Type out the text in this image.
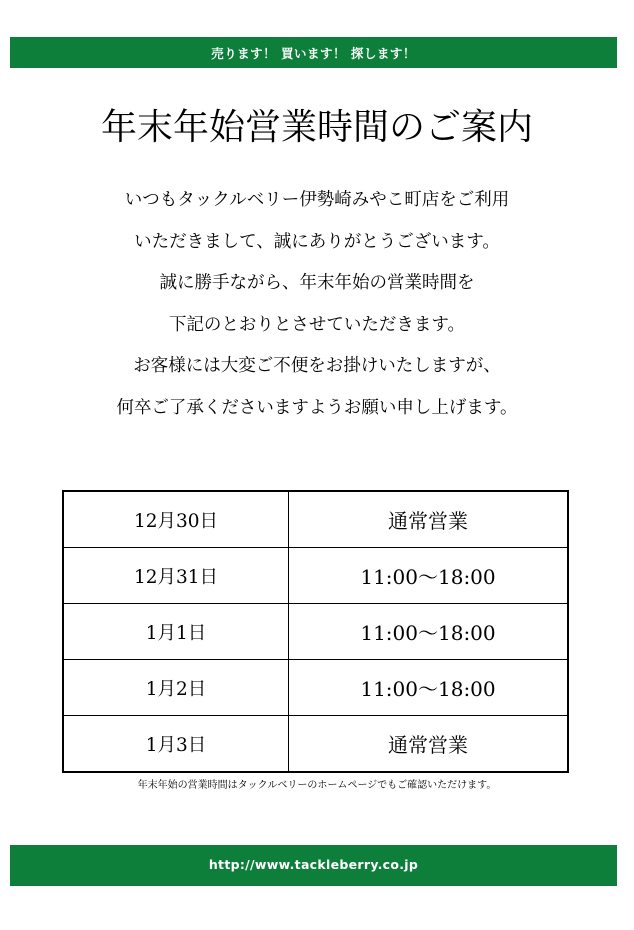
売ります！ 買います！ 探します！
年末年始営業時間のご案内
いつもタックルベリー伊勢崎みやこ町店をご利用
いただきまして、誠にありがとうございます。
誠に勝手ながら、年末年始の営業時間を
下記のとおりとさせていただきます。
お客様には大変ご不便をお掛けいたしますが、
何卒ご了承くださいますようお願い申し上げます。
12月30日	通常営業
12月31日	11:00〜18:00
1月1日	11:00〜18:00
1月2日	11:00〜18:00
1月3日	通常営業
年末年始の営業時間はタックルベリーのホームページでもご確認いただけます。
http://www.tackleberry.co.jp
